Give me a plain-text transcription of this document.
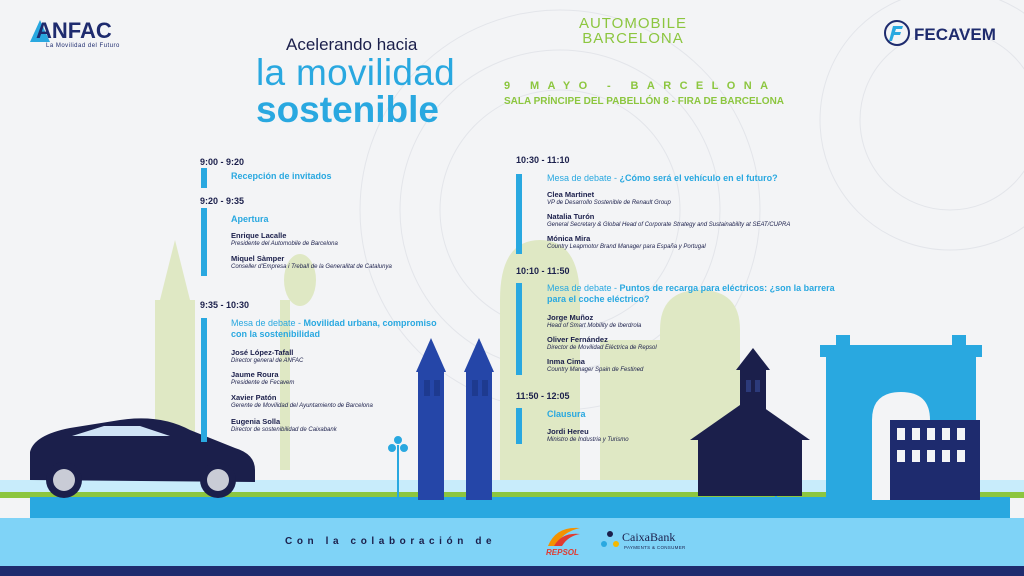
ANFAC
La Movilidad del Futuro
AUTOMOBILE
BARCELONA	FECAVEM
Acelerando hacia
la movilidad
sostenible
9 MAYO - BARCELONA
SALA PRÍNCIPE DEL PABELLÓN 8 - FIRA DE BARCELONA
9:00 - 9:20
Recepción de invitados
9:20 - 9:35
Apertura
Enrique Lacalle
Presidente del Automobile de Barcelona
Miquel Sàmper
Conseller d'Empresa i Treball de la Generalitat de Catalunya
9:35 - 10:30
Mesa de debate - Movilidad urbana, compromiso
con la sostenibilidad
José López-Tafall
Director general de ANFAC
Jaume Roura
Presidente de Fecavem
Xavier Patón
Gerente de Movilidad del Ayuntamiento de Barcelona
Eugenia Solla
Director de sostenibilidad de Caixabank
10:30 - 11:10
Mesa de debate - ¿Cómo será el vehículo en el futuro?
Clea Martinet
VP de Desarrollo Sostenible de Renault Group
Natalia Turón
General Secretary & Global Head of Corporate Strategy and Sustainability at SEAT/CUPRA
Mónica Mira
Country Leapmotor Brand Manager para España y Portugal
10:10 - 11:50
Mesa de debate - Puntos de recarga para eléctricos: ¿son la barrera
para el coche eléctrico?
Jorge Muñoz
Head of Smart Mobility de Iberdrola
Oliver Fernández
Director de Movilidad Eléctrica de Repsol
Inma Cima
Country Manager Spain de Festined
11:50 - 12:05
Clausura
Jordi Hereu
Ministro de Industria y Turismo
Con la colaboración de
REPSOL
CaixaBank
PAYMENTS & CONSUMER
